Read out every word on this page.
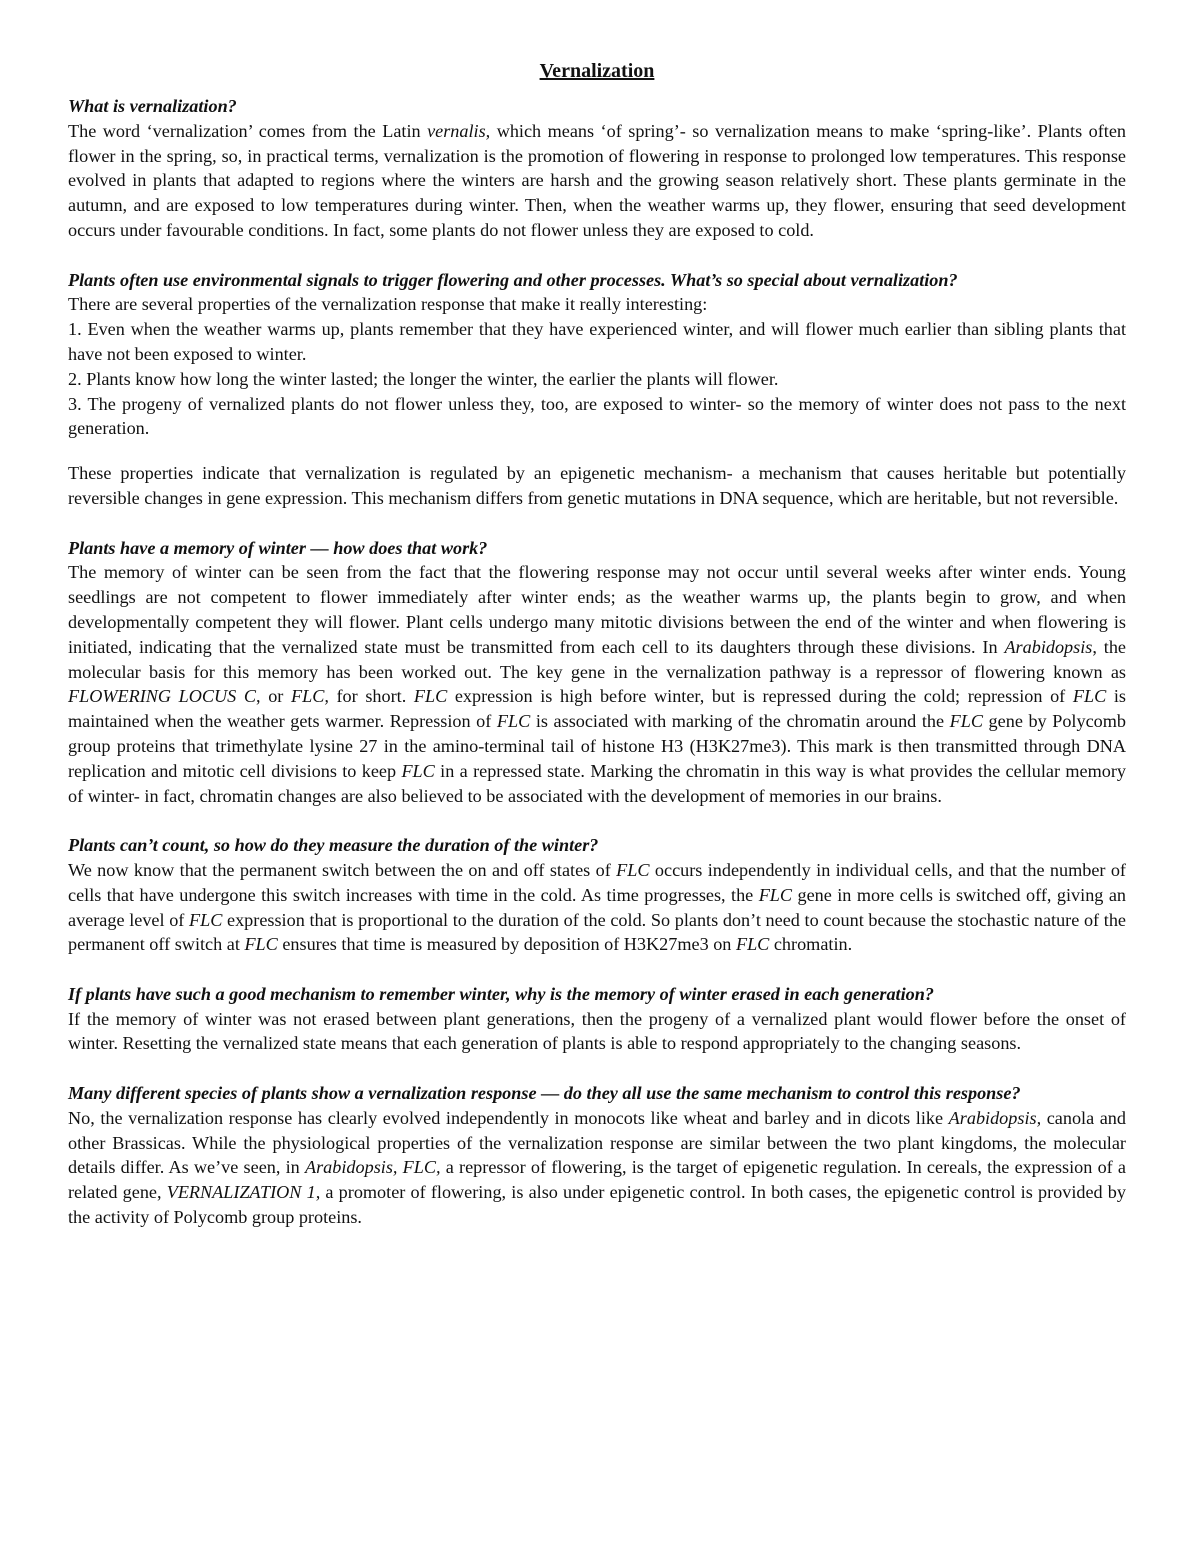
Vernalization
What is vernalization?
The word ‘vernalization’ comes from the Latin vernalis, which means ‘of spring’- so vernalization means to make ‘spring-like’. Plants often flower in the spring, so, in practical terms, vernalization is the promotion of flowering in response to prolonged low temperatures. This response evolved in plants that adapted to regions where the winters are harsh and the growing season relatively short. These plants germinate in the autumn, and are exposed to low temperatures during winter. Then, when the weather warms up, they flower, ensuring that seed development occurs under favourable conditions. In fact, some plants do not flower unless they are exposed to cold.
Plants often use environmental signals to trigger flowering and other processes. What’s so special about vernalization?
There are several properties of the vernalization response that make it really interesting:
1. Even when the weather warms up, plants remember that they have experienced winter, and will flower much earlier than sibling plants that have not been exposed to winter.
2. Plants know how long the winter lasted; the longer the winter, the earlier the plants will flower.
3. The progeny of vernalized plants do not flower unless they, too, are exposed to winter- so the memory of winter does not pass to the next generation.
These properties indicate that vernalization is regulated by an epigenetic mechanism- a mechanism that causes heritable but potentially reversible changes in gene expression. This mechanism differs from genetic mutations in DNA sequence, which are heritable, but not reversible.
Plants have a memory of winter — how does that work?
The memory of winter can be seen from the fact that the flowering response may not occur until several weeks after winter ends. Young seedlings are not competent to flower immediately after winter ends; as the weather warms up, the plants begin to grow, and when developmentally competent they will flower. Plant cells undergo many mitotic divisions between the end of the winter and when flowering is initiated, indicating that the vernalized state must be transmitted from each cell to its daughters through these divisions. In Arabidopsis, the molecular basis for this memory has been worked out. The key gene in the vernalization pathway is a repressor of flowering known as FLOWERING LOCUS C, or FLC, for short. FLC expression is high before winter, but is repressed during the cold; repression of FLC is maintained when the weather gets warmer. Repression of FLC is associated with marking of the chromatin around the FLC gene by Polycomb group proteins that trimethylate lysine 27 in the amino-terminal tail of histone H3 (H3K27me3). This mark is then transmitted through DNA replication and mitotic cell divisions to keep FLC in a repressed state. Marking the chromatin in this way is what provides the cellular memory of winter- in fact, chromatin changes are also believed to be associated with the development of memories in our brains.
Plants can’t count, so how do they measure the duration of the winter?
We now know that the permanent switch between the on and off states of FLC occurs independently in individual cells, and that the number of cells that have undergone this switch increases with time in the cold. As time progresses, the FLC gene in more cells is switched off, giving an average level of FLC expression that is proportional to the duration of the cold. So plants don’t need to count because the stochastic nature of the permanent off switch at FLC ensures that time is measured by deposition of H3K27me3 on FLC chromatin.
If plants have such a good mechanism to remember winter, why is the memory of winter erased in each generation?
If the memory of winter was not erased between plant generations, then the progeny of a vernalized plant would flower before the onset of winter. Resetting the vernalized state means that each generation of plants is able to respond appropriately to the changing seasons.
Many different species of plants show a vernalization response — do they all use the same mechanism to control this response?
No, the vernalization response has clearly evolved independently in monocots like wheat and barley and in dicots like Arabidopsis, canola and other Brassicas. While the physiological properties of the vernalization response are similar between the two plant kingdoms, the molecular details differ. As we’ve seen, in Arabidopsis, FLC, a repressor of flowering, is the target of epigenetic regulation. In cereals, the expression of a related gene, VERNALIZATION 1, a promoter of flowering, is also under epigenetic control. In both cases, the epigenetic control is provided by the activity of Polycomb group proteins.
